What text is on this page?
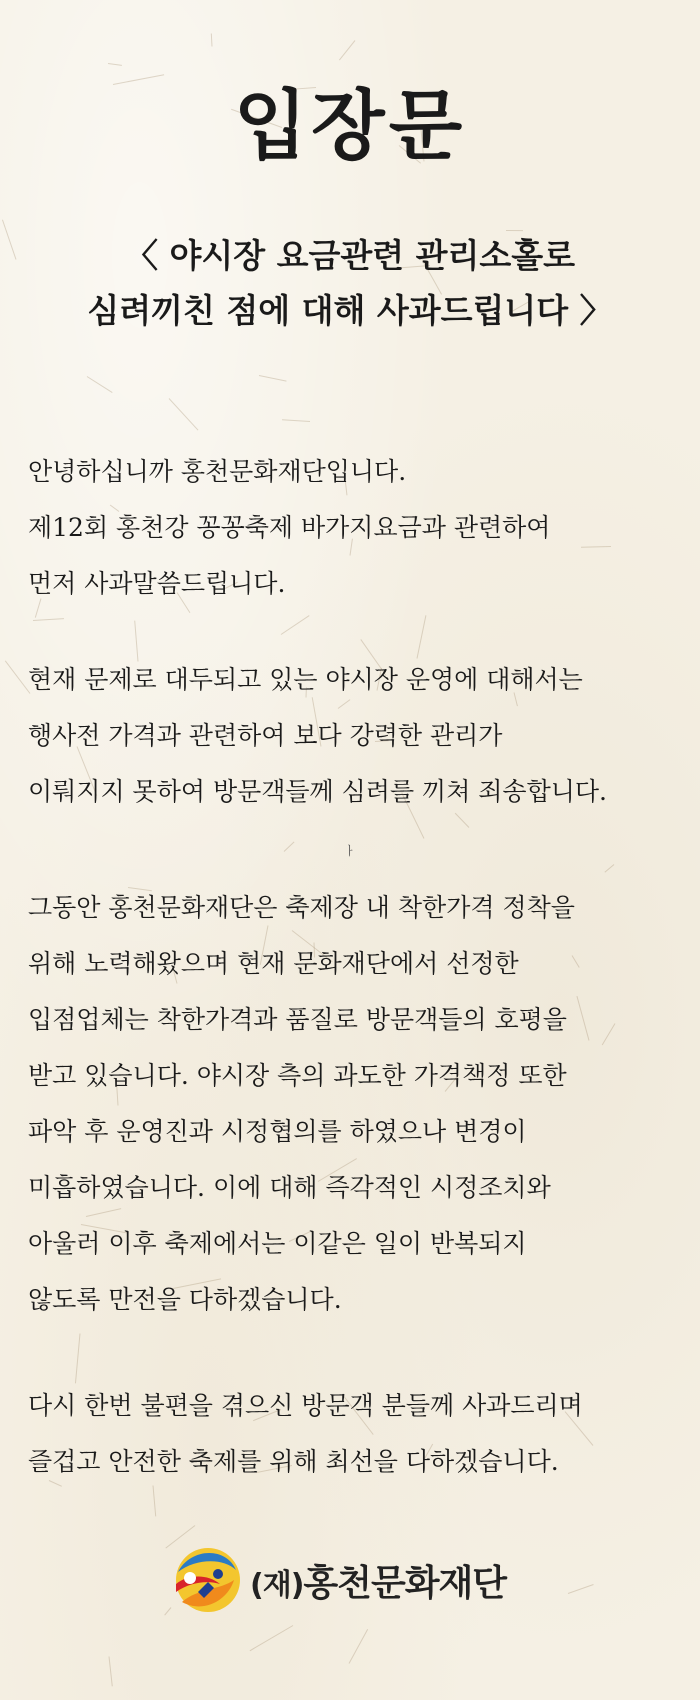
입장문
〈 야시장 요금관련 관리소홀로
심려끼친 점에 대해 사과드립니다 〉
안녕하십니까 홍천문화재단입니다.
제12회 홍천강 꽁꽁축제 바가지요금과 관련하여
먼저 사과말씀드립니다.
현재 문제로 대두되고 있는 야시장 운영에 대해서는
행사전 가격과 관련하여 보다 강력한 관리가
이뤄지지 못하여 방문객들께 심려를 끼쳐 죄송합니다.
ㅏ
그동안 홍천문화재단은 축제장 내 착한가격 정착을
위해 노력해왔으며 현재 문화재단에서 선정한
입점업체는 착한가격과 품질로 방문객들의 호평을
받고 있습니다. 야시장 측의 과도한 가격책정 또한
파악 후 운영진과 시정협의를 하였으나 변경이
미흡하였습니다. 이에 대해 즉각적인 시정조치와
아울러 이후 축제에서는 이같은 일이 반복되지
않도록 만전을 다하겠습니다.
다시 한번 불편을 겪으신 방문객 분들께 사과드리며
즐겁고 안전한 축제를 위해 최선을 다하겠습니다.
(재)홍천문화재단
